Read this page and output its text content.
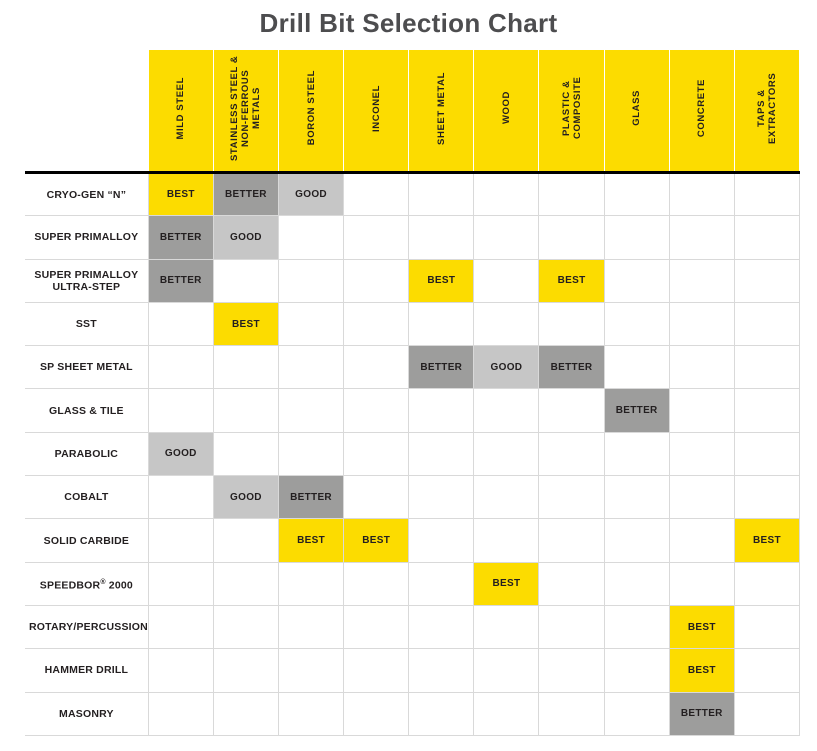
Drill Bit Selection Chart
	MILD STEEL	STAINLESS STEEL & NON-FERROUS METALS	BORON STEEL	INCONEL	SHEET METAL	WOOD	PLASTIC & COMPOSITE	GLASS	CONCRETE	TAPS & EXTRACTORS
CRYO-GEN “N”	BEST	BETTER	GOOD							
SUPER PRIMALLOY	BETTER	GOOD								
SUPER PRIMALLOY ULTRA-STEP	BETTER				BEST		BEST			
SST		BEST								
SP SHEET METAL					BETTER	GOOD	BETTER			
GLASS & TILE								BETTER		
PARABOLIC	GOOD									
COBALT		GOOD	BETTER							
SOLID CARBIDE			BEST	BEST						BEST
SPEEDBOR® 2000						BEST				
ROTARY/PERCUSSION									BEST	
HAMMER DRILL									BEST	
MASONRY									BETTER	
